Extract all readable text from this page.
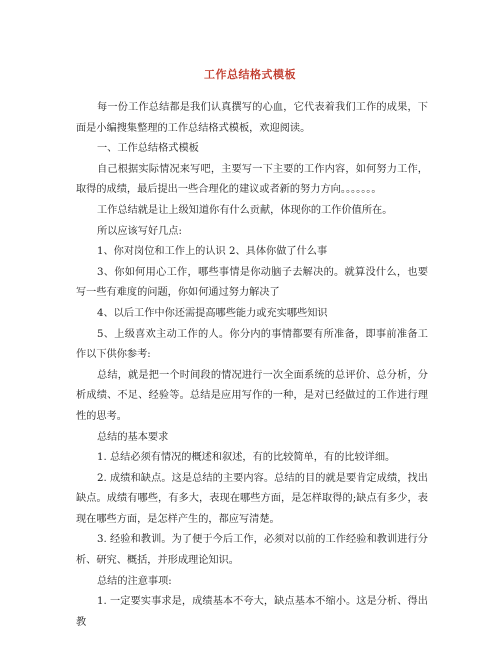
工作总结格式模板

每一份工作总结都是我们认真撰写的心血，它代表着我们工作的成果，下面是小编搜集整理的工作总结格式模板，欢迎阅读。

一、工作总结格式模板

自己根据实际情况来写吧，主要写一下主要的工作内容，如何努力工作，取得的成绩，最后提出一些合理化的建议或者新的努力方向。。。。。。。

工作总结就是让上级知道你有什么贡献，体现你的工作价值所在。

所以应该写好几点:

1、你对岗位和工作上的认识 2、具体你做了什么事

3、你如何用心工作，哪些事情是你动脑子去解决的。就算没什么，也要写一些有难度的问题，你如何通过努力解决了

4、以后工作中你还需提高哪些能力或充实哪些知识

5、上级喜欢主动工作的人。你分内的事情都要有所准备，即事前准备工作以下供你参考:

总结，就是把一个时间段的情况进行一次全面系统的总评价、总分析，分析成绩、不足、经验等。总结是应用写作的一种，是对已经做过的工作进行理性的思考。

总结的基本要求

1. 总结必须有情况的概述和叙述，有的比较简单，有的比较详细。

2. 成绩和缺点。这是总结的主要内容。总结的目的就是要肯定成绩，找出缺点。成绩有哪些，有多大，表现在哪些方面，是怎样取得的;缺点有多少，表现在哪些方面，是怎样产生的，都应写清楚。

3. 经验和教训。为了便于今后工作，必须对以前的工作经验和教训进行分析、研究、概括，并形成理论知识。

总结的注意事项:

1. 一定要实事求是，成绩基本不夸大，缺点基本不缩小。这是分析、得出教
